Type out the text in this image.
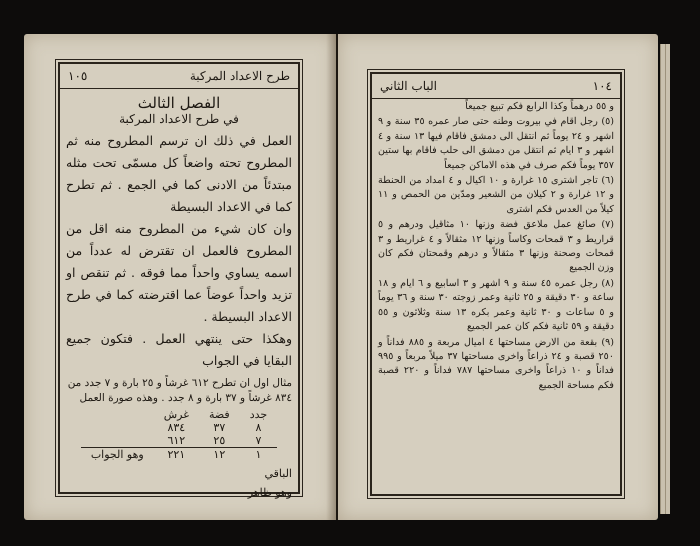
طرح الاعداد المركبة
١٠٥
الفصل الثالث
في طرح الاعداد المركبة

العمل في ذلك ان ترسم المطروح منه ثم المطروح تحته واضعاً كل مسمّى تحت مثله مبتدئاً من الادنى كما في الجمع . ثم تطرح كما في الاعداد البسيطة

وان كان شيء من المطروح منه اقل من المطروح فالعمل ان تقترض له عدداً من اسمه يساوي واحداً مما فوقه . ثم تنقص او تزيد واحداً عوضاً عما اقترضته كما في طرح الاعداد البسيطة .

وهكذا حتى ينتهي العمل . فتكون جميع البقايا في الجواب

مثال اول ان تطرح ٦١٢ غرشاً و ٢٥ بارة و ٧ جدد من ٨٣٤ غرشاً و ٣٧ بارة و ٨ جدد . وهذه صورة العمل

جدد	فضة	غرش	
٨	٣٧	٨٣٤	
٧	٢٥	٦١٢	
١	١٢	٢٢١	وهو الجواب
الباقي
وهو ظاهر
١٠٤
الباب الثاني

و ٥٥ درهماً وكذا الرابع فكم تبيع جميعاً

(٥) رجل اقام في بيروت وطنه حتى صار عمره ٣٥ سنة و ٩ اشهر و ٢٤ يوماً ثم انتقل الى دمشق فاقام فيها ١٣ سنة و ٤ اشهر و ٣ ايام ثم انتقل من دمشق الى حلب فاقام بها ستين ٣٥٧ يوماً فكم صرف في هذه الاماكن جميعاً

(٦) تاجر اشترى ١٥ غرارة و ١٠ اكيال و ٤ امداد من الحنطة و ١٢ غرارة و ٢ كيلان من الشعير ومدّين من الحمص و ١١ كيلاً من العدس فكم اشترى

(٧) صائغ عمل ملاعق فضة وزنها ١٠ مثاقيل ودرهم و ٥ قراريط و ٣ قمحات وكاساً وزنها ١٢ مثقالاً و ٤ غراريط و ٣ قمحات وصحنة وزنها ٣ مثقالاً و درهم وقمحتان فكم كان وزن الجميع

(٨) رجل عمره ٤٥ سنة و ٩ اشهر و ٣ اسابيع و ٦ ايام و ١٨ ساعة و ٣٠ دقيقة و ٢٥ ثانية وعمر زوجته ٣٠ سنة و ٣٦ يوماً و ٥ ساعات و ٣٠ ثانية وعمر بكره ١٣ سنة وثلاثون و ٥٥ دقيقة و ٥٩ ثانية فكم كان عمر الجميع

(٩) بقعة من الارض مساحتها ٤ اميال مربعة و ٨٨٥ فداناً و ٢٥٠ قصبة و ٢٤ ذراعاً واخرى مساحتها ٣٧ ميلاً مربعاً و ٩٩٥ فداناً و ١٠ ذراعاً واخرى مساحتها ٧٨٧ فداناً و ٢٢٠ قصبة فكم مساحة الجميع
